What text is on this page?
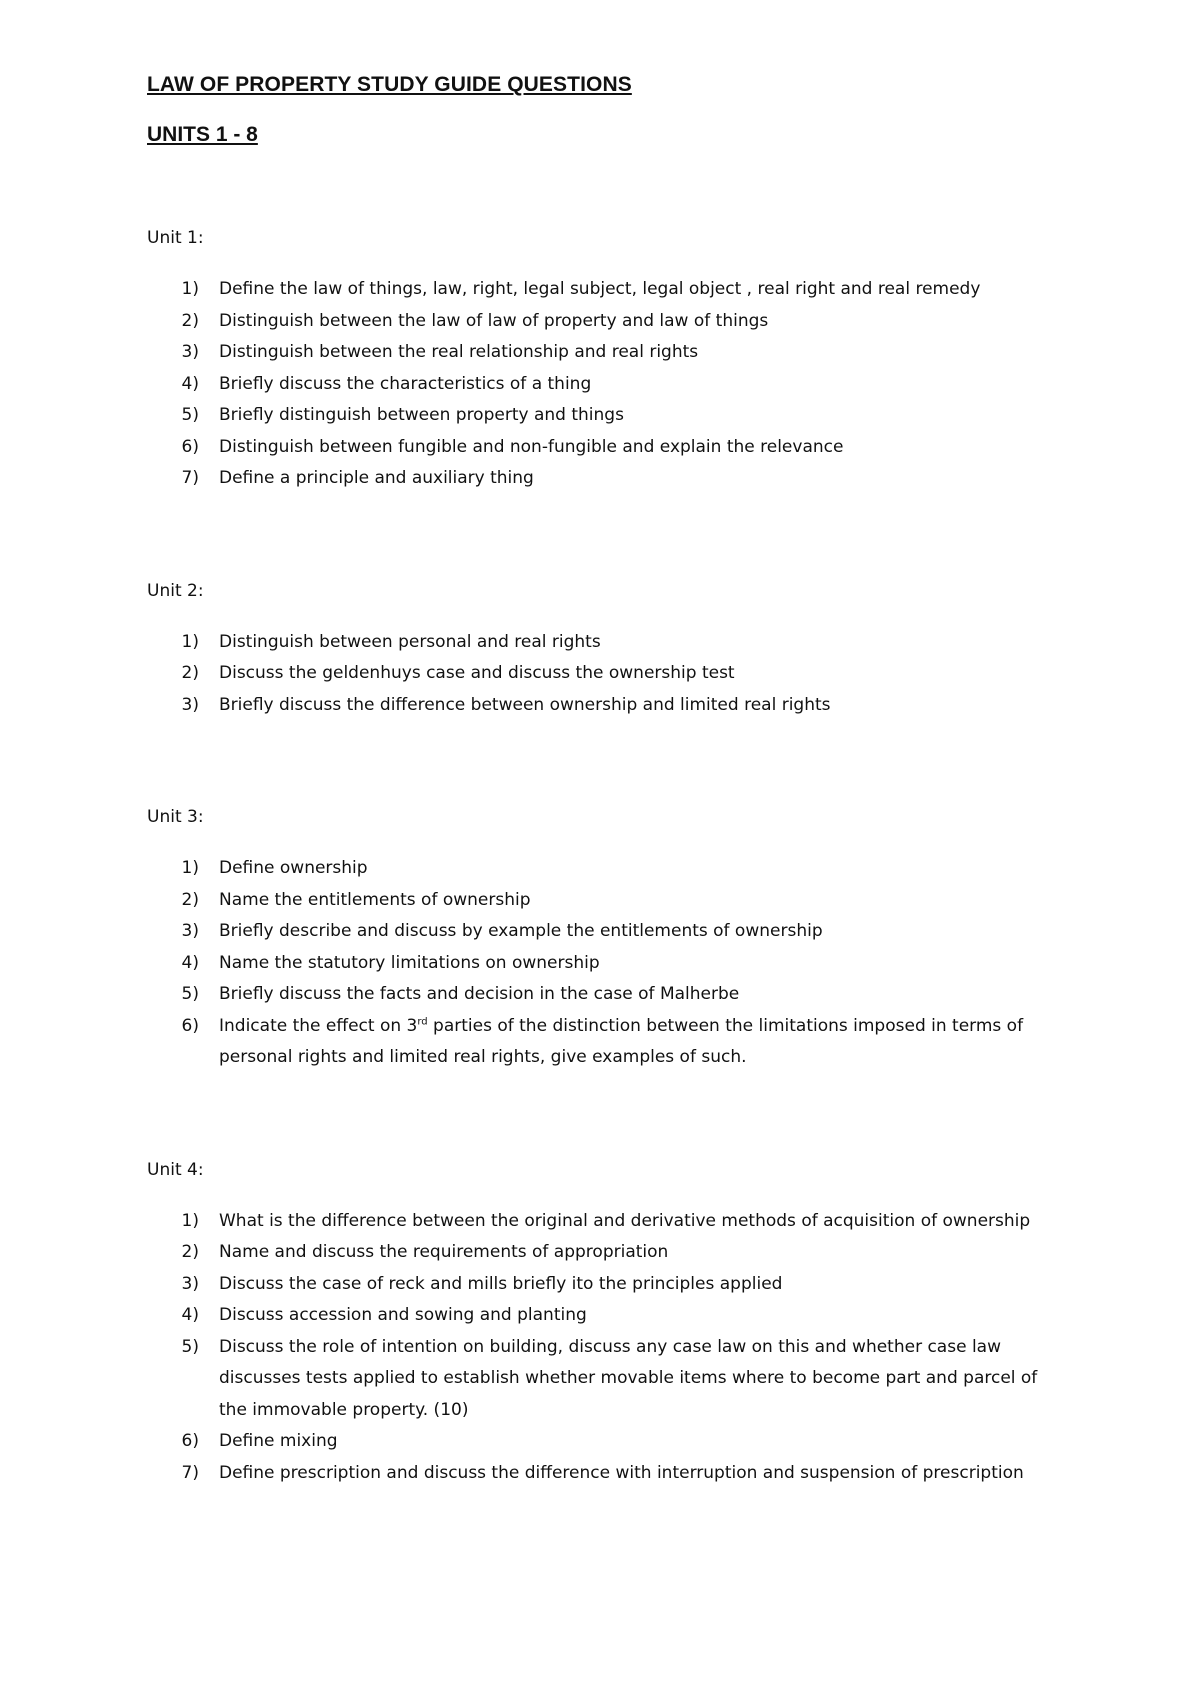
LAW OF PROPERTY STUDY GUIDE QUESTIONS
UNITS 1 - 8
Unit 1:
1)	Define the law of things, law, right, legal subject, legal object , real right and real remedy
2)	Distinguish between the law of law of property and law of things
3)	Distinguish between the real relationship and real rights
4)	Briefly discuss the characteristics of a thing
5)	Briefly distinguish between property and things
6)	Distinguish between fungible and non-fungible and explain the relevance
7)	Define a principle and auxiliary thing
Unit 2:
1)	Distinguish between personal and real rights
2)	Discuss the geldenhuys case and discuss the ownership test
3)	Briefly discuss the difference between ownership and limited real rights
Unit 3:
1)	Define ownership
2)	Name the entitlements of ownership
3)	Briefly describe and discuss by example the entitlements of ownership
4)	Name the statutory limitations on ownership
5)	Briefly discuss the facts and decision in the case of Malherbe
6)	Indicate the effect on 3rd parties of the distinction between the limitations imposed in terms of personal rights and limited real rights, give examples of such.
Unit 4:
1)	What is the difference between the original and derivative methods of acquisition of ownership
2)	Name and discuss the requirements of appropriation
3)	Discuss the case of reck and mills briefly ito the principles applied
4)	Discuss accession and sowing and planting
5)	Discuss the role of intention on building, discuss any case law on this and whether case law discusses tests applied to establish whether movable items where to become part and parcel of the immovable property. (10)
6)	Define mixing
7)	Define prescription and discuss the difference with interruption and suspension of prescription
